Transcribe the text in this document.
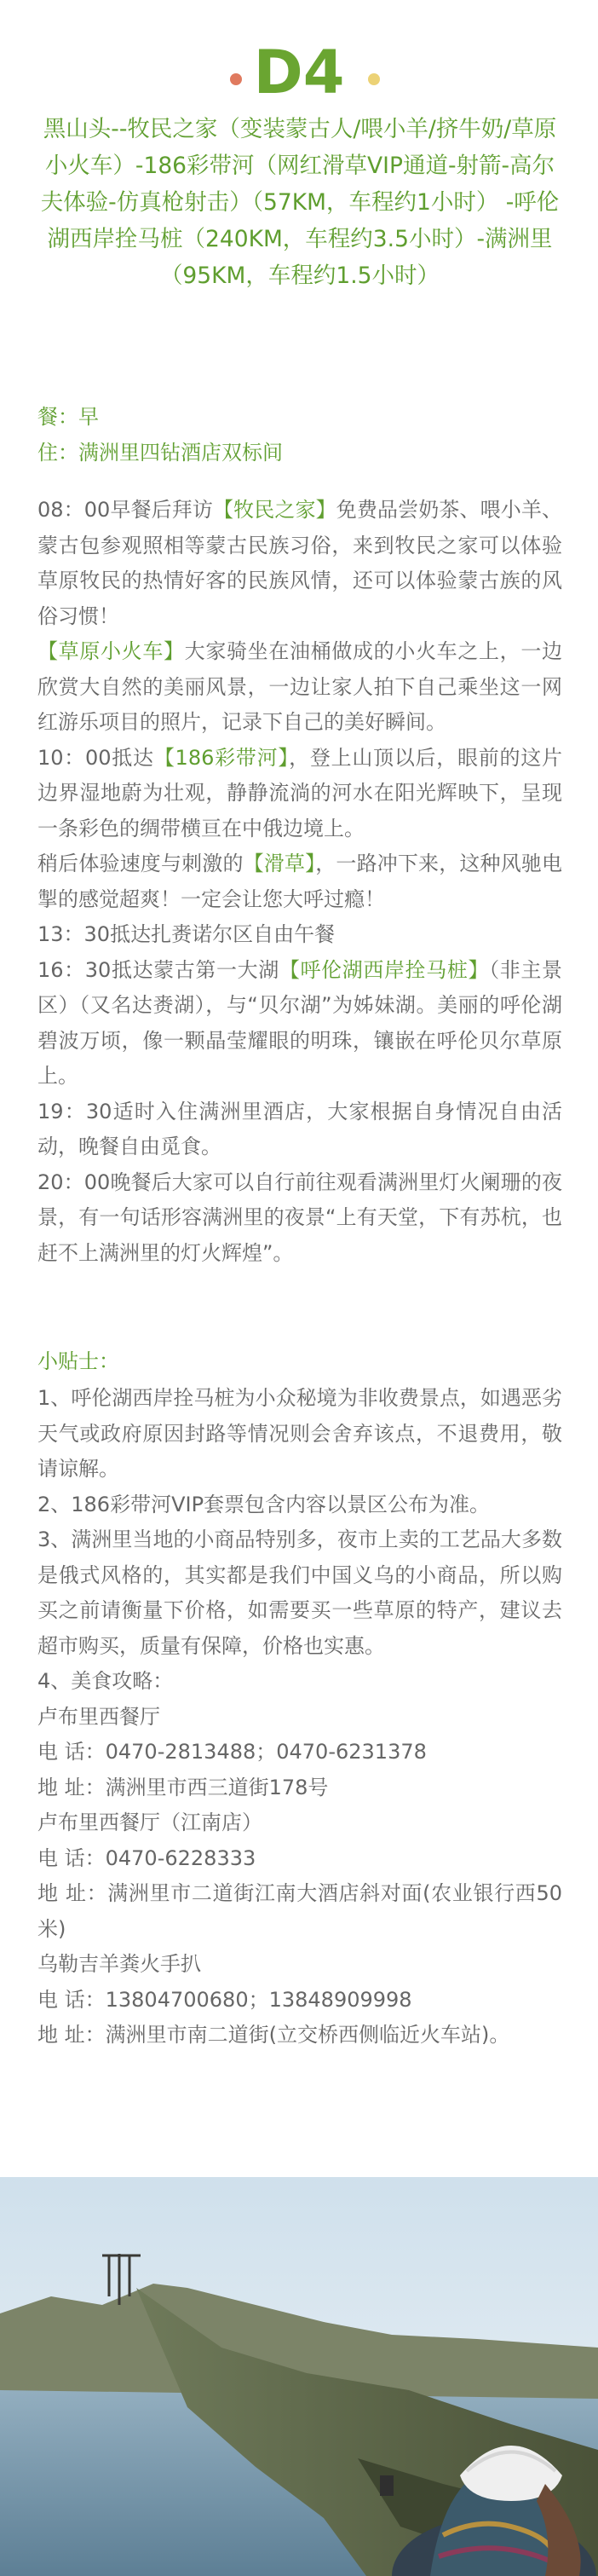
D4

黑山头-‐牧民之家（变装蒙古人/喂小羊/挤牛奶/草原小火车）-186彩带河（网红滑草VIP通道-射箭-高尔夫体验-仿真枪射击）（57KM，车程约1小时） -呼伦湖西岸拴马桩（240KM，车程约3.5小时）-满洲里（95KM，车程约1.5小时）

餐：早
住：满洲里四钻酒店双标间

08：00早餐后拜访【牧民之家】免费品尝奶茶、喂小羊、蒙古包参观照相等蒙古民族习俗，来到牧民之家可以体验草原牧民的热情好客的民族风情，还可以体验蒙古族的风俗习惯！

【草原小火车】大家骑坐在油桶做成的小火车之上，一边欣赏大自然的美丽风景，一边让家人拍下自己乘坐这一网红游乐项目的照片，记录下自己的美好瞬间。

10：00抵达【186彩带河】，登上山顶以后，眼前的这片边界湿地蔚为壮观，静静流淌的河水在阳光辉映下，呈现一条彩色的绸带横亘在中俄边境上。

稍后体验速度与刺激的【滑草】，一路冲下来，这种风驰电掣的感觉超爽！一定会让您大呼过瘾！

13：30抵达扎赉诺尔区自由午餐

16：30抵达蒙古第一大湖【呼伦湖西岸拴马桩】（非主景区）（又名达赉湖），与“贝尔湖”为姊妹湖。美丽的呼伦湖碧波万顷，像一颗晶莹耀眼的明珠，镶嵌在呼伦贝尔草原上。

19：30适时入住满洲里酒店，大家根据自身情况自由活动，晚餐自由觅食。

20：00晚餐后大家可以自行前往观看满洲里灯火阑珊的夜景，有一句话形容满洲里的夜景“上有天堂，下有苏杭，也赶不上满洲里的灯火辉煌”。

小贴士：

1、呼伦湖西岸拴马桩为小众秘境为非收费景点，如遇恶劣天气或政府原因封路等情况则会舍弃该点，不退费用，敬请谅解。

2、186彩带河VIP套票包含内容以景区公布为准。

3、满洲里当地的小商品特别多，夜市上卖的工艺品大多数是俄式风格的，其实都是我们中国义乌的小商品，所以购买之前请衡量下价格，如需要买一些草原的特产，建议去超市购买，质量有保障，价格也实惠。

4、美食攻略：

卢布里西餐厅

电 话：0470-2813488；0470-6231378

地 址：满洲里市西三道街178号

卢布里西餐厅（江南店）

电 话：0470-6228333

地 址：满洲里市二道街江南大酒店斜对面(农业银行西50米)

乌勒吉羊粪火手扒

电 话：13804700680；13848909998

地 址：满洲里市南二道街(立交桥西侧临近火车站)。
